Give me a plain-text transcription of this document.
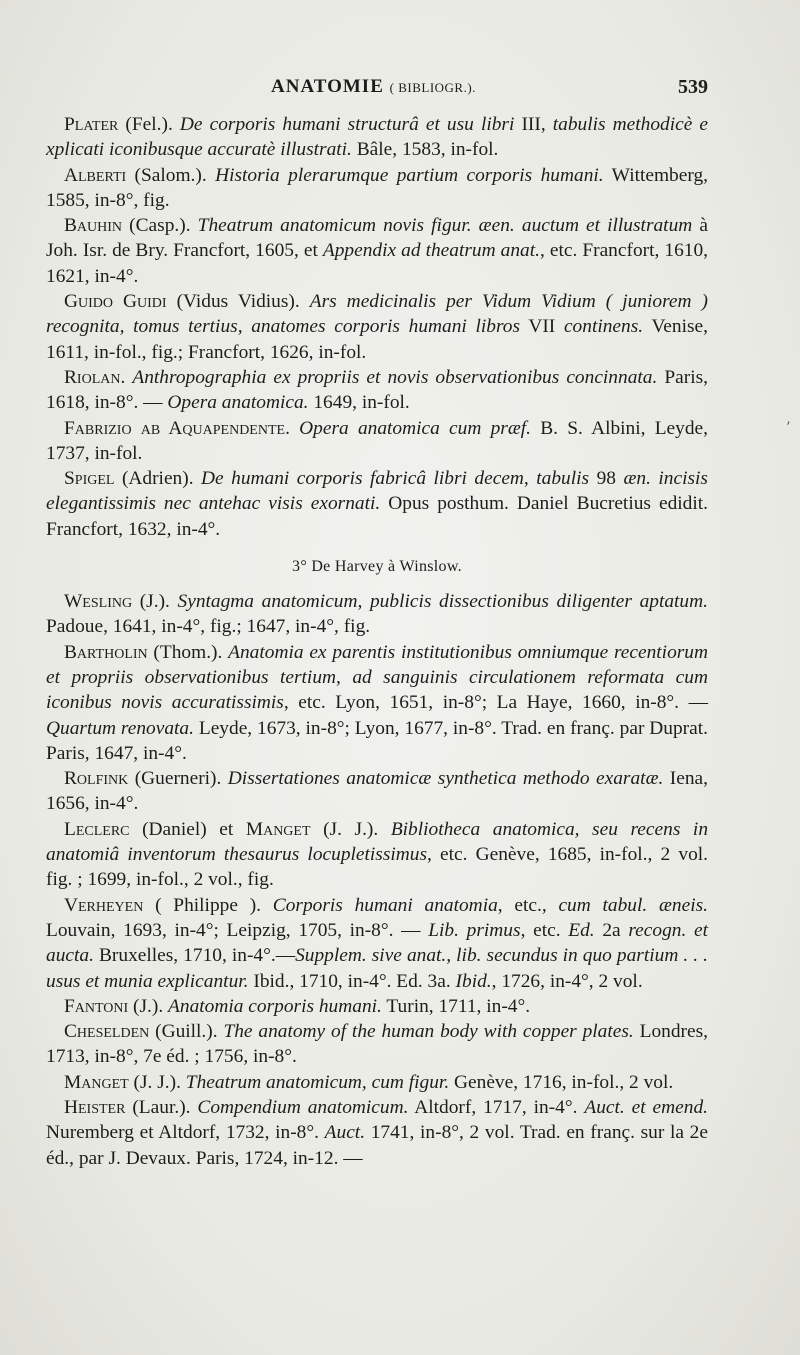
ANATOMIE ( BIBLIOGR.).	539

Plater (Fel.). De corporis humani structurâ et usu libri III, tabulis methodicè e xplicati iconibusque accuratè illustrati. Bâle, 1583, in-fol.

Alberti (Salom.). Historia plerarumque partium corporis humani. Wittemberg, 1585, in-8°, fig.

Bauhin (Casp.). Theatrum anatomicum novis figur. æen. auctum et illustratum à Joh. Isr. de Bry. Francfort, 1605, et Appendix ad theatrum anat., etc. Francfort, 1610, 1621, in-4°.

Guido Guidi (Vidus Vidius). Ars medicinalis per Vidum Vidium ( juniorem ) recognita, tomus tertius, anatomes corporis humani libros VII continens. Venise, 1611, in-fol., fig.; Francfort, 1626, in-fol.

Riolan. Anthropographia ex propriis et novis observationibus concinnata. Paris, 1618, in-8°. — Opera anatomica. 1649, in-fol.

Fabrizio ab Aquapendente. Opera anatomica cum præf. B. S. Albini, Leyde, 1737, in-fol.

Spigel (Adrien). De humani corporis fabricâ libri decem, tabulis 98 æn. incisis elegantissimis nec antehac visis exornati. Opus posthum. Daniel Bucretius edidit. Francfort, 1632, in-4°.

3° De Harvey à Winslow.

Wesling (J.). Syntagma anatomicum, publicis dissectionibus diligenter aptatum. Padoue, 1641, in-4°, fig.; 1647, in-4°, fig.

Bartholin (Thom.). Anatomia ex parentis institutionibus omniumque recentiorum et propriis observationibus tertium, ad sanguinis circulationem reformata cum iconibus novis accuratissimis, etc. Lyon, 1651, in-8°; La Haye, 1660, in-8°. — Quartum renovata. Leyde, 1673, in-8°; Lyon, 1677, in-8°. Trad. en franç. par Duprat. Paris, 1647, in-4°.

Rolfink (Guerneri). Dissertationes anatomicæ synthetica methodo exaratæ. Iena, 1656, in-4°.

Leclerc (Daniel) et Manget (J. J.). Bibliotheca anatomica, seu recens in anatomiâ inventorum thesaurus locupletissimus, etc. Genève, 1685, in-fol., 2 vol. fig. ; 1699, in-fol., 2 vol., fig.

Verheyen ( Philippe ). Corporis humani anatomia, etc., cum tabul. æneis. Louvain, 1693, in-4°; Leipzig, 1705, in-8°. — Lib. primus, etc. Ed. 2a recogn. et aucta. Bruxelles, 1710, in-4°.—Supplem. sive anat., lib. secundus in quo partium . . . usus et munia explicantur. Ibid., 1710, in-4°. Ed. 3a. Ibid., 1726, in-4°, 2 vol.

Fantoni (J.). Anatomia corporis humani. Turin, 1711, in-4°.

Cheselden (Guill.). The anatomy of the human body with copper plates. Londres, 1713, in-8°, 7e éd. ; 1756, in-8°.

Manget (J. J.). Theatrum anatomicum, cum figur. Genève, 1716, in-fol., 2 vol.

Heister (Laur.). Compendium anatomicum. Altdorf, 1717, in-4°. Auct. et emend. Nuremberg et Altdorf, 1732, in-8°. Auct. 1741, in-8°, 2 vol. Trad. en franç. sur la 2e éd., par J. Devaux. Paris, 1724, in-12. —

’
